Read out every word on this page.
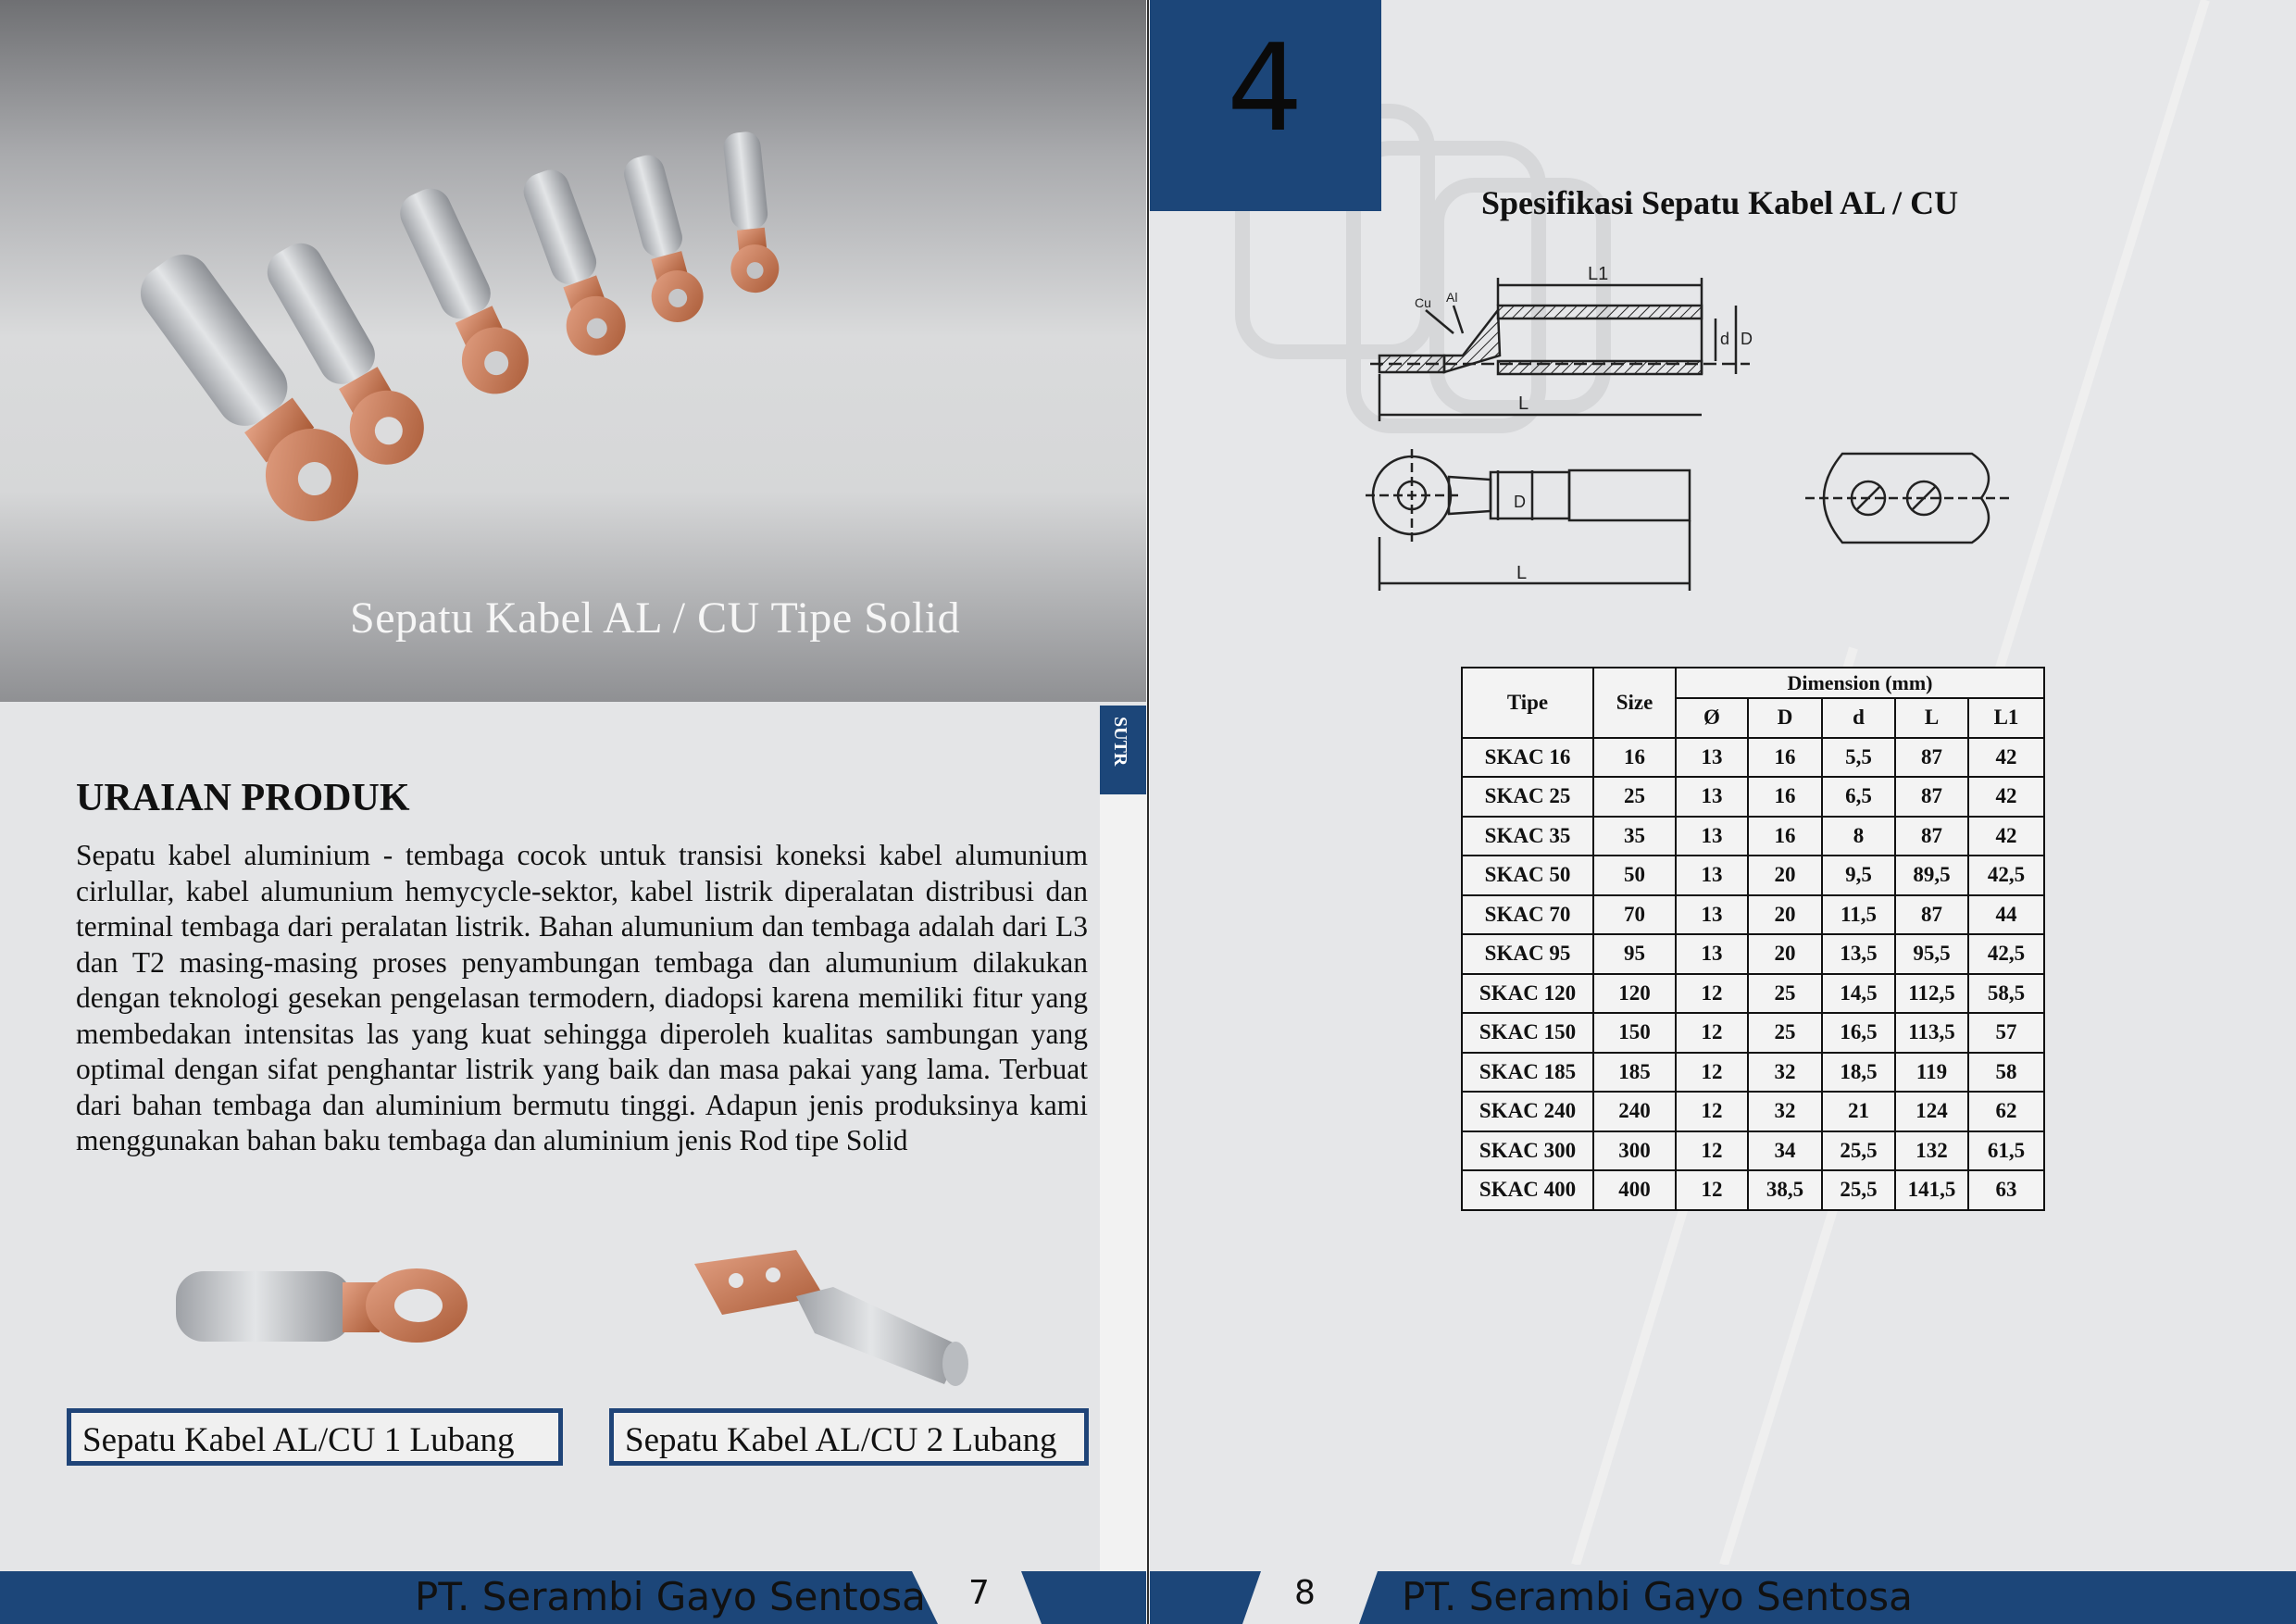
Sepatu Kabel AL / CU Tipe Solid
URAIAN PRODUK
Sepatu kabel aluminium - tembaga cocok untuk transisi koneksi kabel alumunium cirlullar, kabel alumunium hemycycle-sektor, kabel listrik diperalatan distribusi dan terminal tembaga dari peralatan listrik. Bahan alumunium dan tembaga adalah dari L3 dan T2 masing-masing proses penyambungan tembaga dan alumunium dilakukan dengan teknologi gesekan pengelasan termodern, diadopsi karena memiliki fitur yang membedakan intensitas las yang kuat sehingga diperoleh kualitas sambungan yang optimal dengan sifat penghantar listrik yang baik dan masa pakai yang lama. Terbuat dari bahan tembaga dan aluminium bermutu tinggi. Adapun jenis produksinya kami menggunakan bahan baku tembaga dan aluminium jenis Rod tipe Solid
SUTR
Sepatu Kabel AL/CU 1 Lubang	Sepatu Kabel AL/CU 2 Lubang
4
Spesifikasi Sepatu Kabel AL / CU
L1
Cu Al
d D
L
L
D
Tipe	Size	Dimension (mm)				
		Ø	D	d	L	L1
SKAC 16	16	13	16	5,5	87	42
SKAC 25	25	13	16	6,5	87	42
SKAC 35	35	13	16	8	87	42
SKAC 50	50	13	20	9,5	89,5	42,5
SKAC 70	70	13	20	11,5	87	44
SKAC 95	95	13	20	13,5	95,5	42,5
SKAC 120	120	12	25	14,5	112,5	58,5
SKAC 150	150	12	25	16,5	113,5	57
SKAC 185	185	12	32	18,5	119	58
SKAC 240	240	12	32	21	124	62
SKAC 300	300	12	34	25,5	132	61,5
SKAC 400	400	12	38,5	25,5	141,5	63
PT. Serambi Gayo Sentosa 7	8 PT. Serambi Gayo Sentosa
